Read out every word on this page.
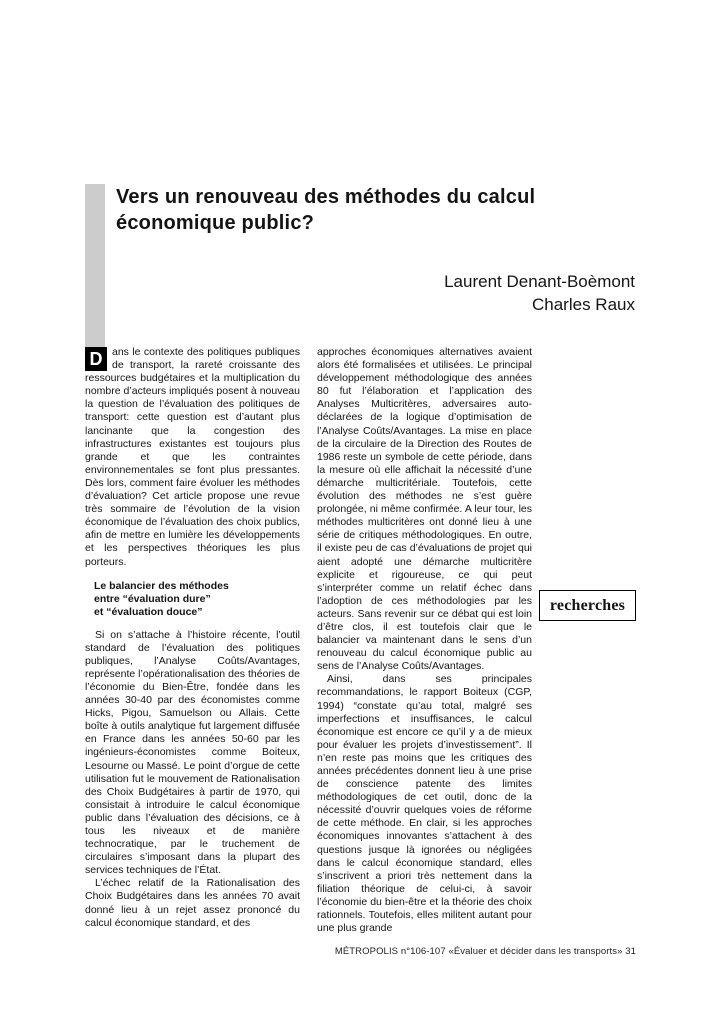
Vers un renouveau des méthodes du calcul
économique public?
Laurent Denant-Boèmont
Charles Raux

D ans le contexte des politiques publiques de transport, la rareté croissante des ressources budgétaires et la multiplication du nombre d’acteurs impliqués posent à nouveau la question de l’évaluation des politiques de transport: cette question est d’autant plus lancinante que la congestion des infrastructures existantes est toujours plus grande et que les contraintes environnementales se font plus pressantes. Dès lors, comment faire évoluer les méthodes d’évaluation? Cet article propose une revue très sommaire de l’évolution de la vision économique de l’évaluation des choix publics, afin de mettre en lumière les développements et les perspectives théoriques les plus porteurs.

Le balancier des méthodes
entre “évaluation dure”
et “évaluation douce”

Si on s’attache à l’histoire récente, l’outil standard de l’évaluation des politiques publiques, l’Analyse Coûts/Avantages, représente l’opérationalisation des théories de l’économie du Bien-Être, fondée dans les années 30-40 par des économistes comme Hicks, Pigou, Samuelson ou Allais. Cette boîte à outils analytique fut largement diffusée en France dans les années 50-60 par les ingénieurs-économistes comme Boiteux, Lesourne ou Massé. Le point d’orgue de cette utilisation fut le mouvement de Rationalisation des Choix Budgétaires à partir de 1970, qui consistait à introduire le calcul économique public dans l’évaluation des décisions, ce à tous les niveaux et de manière technocratique, par le truchement de circulaires s’imposant dans la plupart des services techniques de l’État.

L’échec relatif de la Rationalisation des Choix Budgétaires dans les années 70 avait donné lieu à un rejet assez prononcé du calcul économique standard, et des

approches économiques alternatives avaient alors été formalisées et utilisées. Le principal développement méthodologique des années 80 fut l’élaboration et l’application des Analyses Multicritères, adversaires auto-déclarées de la logique d’optimisation de l’Analyse Coûts/Avantages. La mise en place de la circulaire de la Direction des Routes de 1986 reste un symbole de cette période, dans la mesure où elle affichait la nécessité d’une démarche multicritériale. Toutefois, cette évolution des méthodes ne s’est guère prolongée, ni même confirmée. A leur tour, les méthodes multicritères ont donné lieu à une série de critiques méthodologiques. En outre, il existe peu de cas d’évaluations de projet qui aient adopté une démarche multicritère explicite et rigoureuse, ce qui peut s’interpréter comme un relatif échec dans l’adoption de ces méthodologies par les acteurs. Sans revenir sur ce débat qui est loin d’être clos, il est toutefois clair que le balancier va maintenant dans le sens d’un renouveau du calcul économique public au sens de l’Analyse Coûts/Avantages.

Ainsi, dans ses principales recommandations, le rapport Boiteux (CGP, 1994) “constate qu’au total, malgré ses imperfections et insuffisances, le calcul économique est encore ce qu’il y a de mieux pour évaluer les projets d’investissement”. Il n’en reste pas moins que les critiques des années précédentes donnent lieu à une prise de conscience patente des limites méthodologiques de cet outil, donc de la nécessité d’ouvrir quelques voies de réforme de cette méthode. En clair, si les approches économiques innovantes s’attachent à des questions jusque là ignorées ou négligées dans le calcul économique standard, elles s’inscrivent a priori très nettement dans la filiation théorique de celui-ci, à savoir l’économie du bien-être et la théorie des choix rationnels. Toutefois, elles militent autant pour une plus grande

recherches
MÉTROPOLIS n°106-107 «Évaluer et décider dans les transports» 31
